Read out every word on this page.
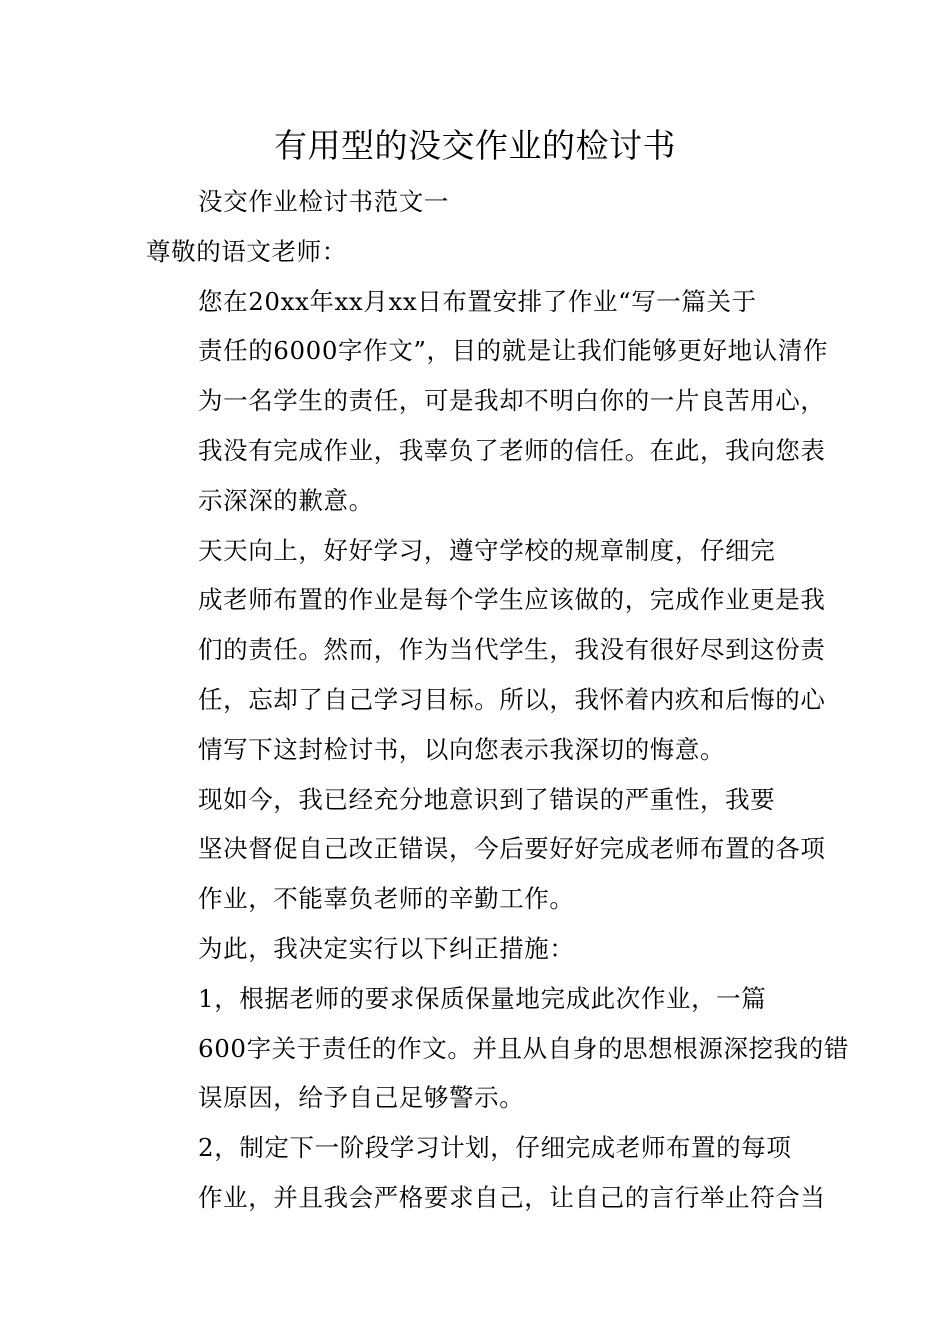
有用型的没交作业的检讨书

没交作业检讨书范文一

尊敬的语文老师：

您在20xx年xx月xx日布置安排了作业“写一篇关于
责任的6000字作文”，目的就是让我们能够更好地认清作
为一名学生的责任，可是我却不明白你的一片良苦用心，
我没有完成作业，我辜负了老师的信任。在此，我向您表
示深深的歉意。

天天向上，好好学习，遵守学校的规章制度，仔细完
成老师布置的作业是每个学生应该做的，完成作业更是我
们的责任。然而，作为当代学生，我没有很好尽到这份责
任，忘却了自己学习目标。所以，我怀着内疚和后悔的心
情写下这封检讨书，以向您表示我深切的悔意。

现如今，我已经充分地意识到了错误的严重性，我要
坚决督促自己改正错误，今后要好好完成老师布置的各项
作业，不能辜负老师的辛勤工作。

为此，我决定实行以下纠正措施：

1，根据老师的要求保质保量地完成此次作业，一篇
600字关于责任的作文。并且从自身的思想根源深挖我的错
误原因，给予自己足够警示。

2，制定下一阶段学习计划，仔细完成老师布置的每项
作业，并且我会严格要求自己，让自己的言行举止符合当
